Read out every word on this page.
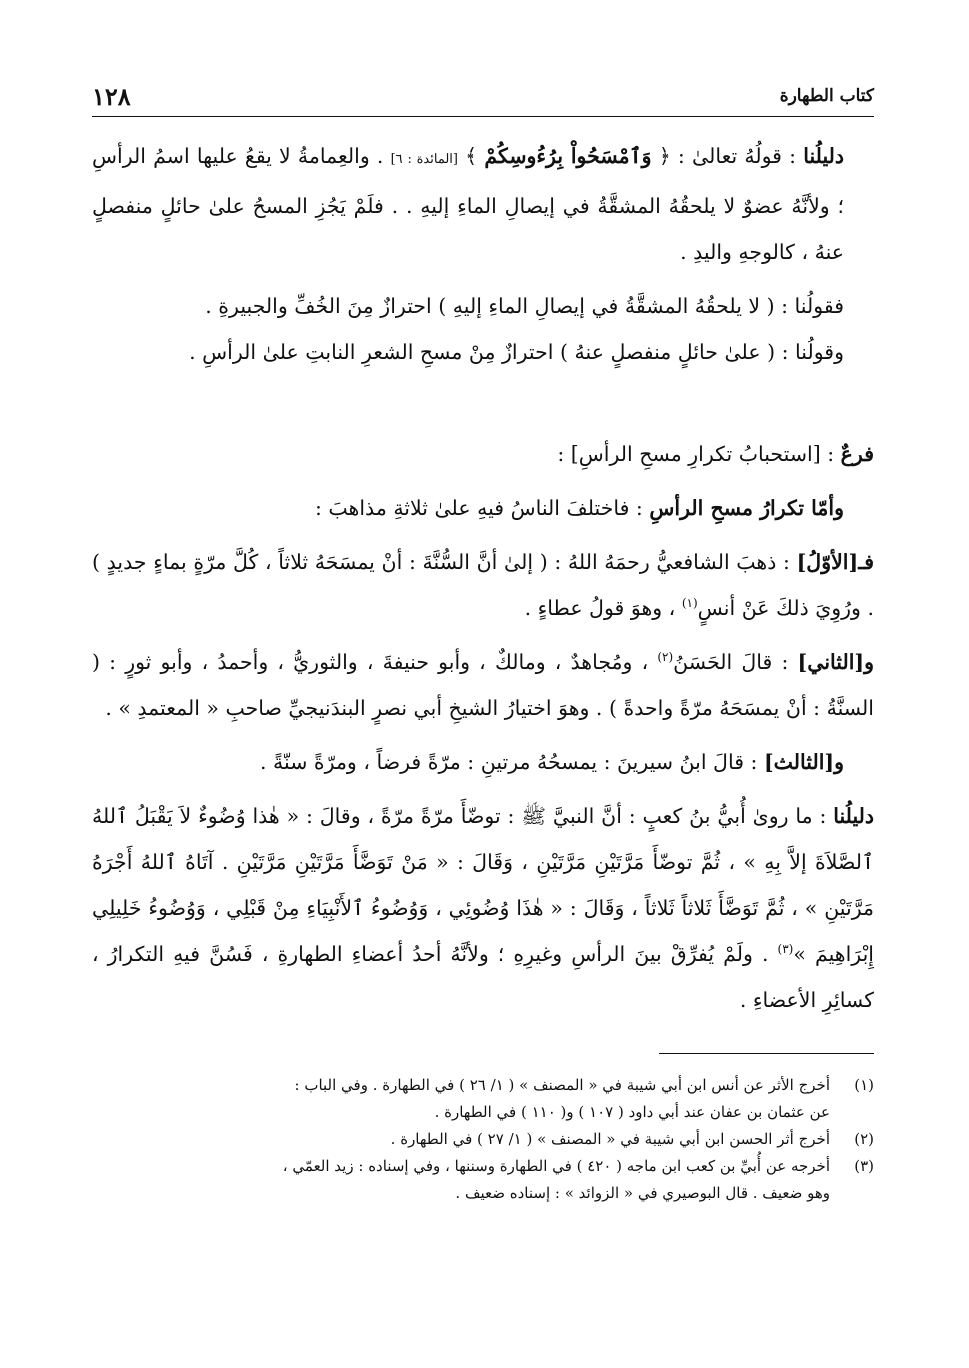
١٢٨	كتاب الطهارة

دليلُنا : قولُهُ تعالىٰ : ﴿ وَٱمْسَحُواْ بِرُءُوسِكُمْ ﴾ [المائدة : ٦] . والعِمامةُ لا يقعُ عليها اسمُ الرأسِ ؛ ولأنَّهُ عضوٌ لا يلحقُهُ المشقَّةُ في إيصالِ الماءِ إليهِ . . فلَمْ يَجُزِ المسحُ علىٰ حائلٍ منفصلٍ عنهُ ، كالوجهِ واليدِ .

فقولُنا : ( لا يلحقُهُ المشقَّةُ في إيصالِ الماءِ إليهِ ) احترازٌ مِنَ الخُفِّ والجبيرةِ .
وقولُنا : ( علىٰ حائلٍ منفصلٍ عنهُ ) احترازٌ مِنْ مسحِ الشعرِ النابتِ علىٰ الرأسِ .

فرعٌ : [استحبابُ تكرارِ مسحِ الرأسِ] :

وأمّا تكرارُ مسحِ الرأسِ : فاختلفَ الناسُ فيهِ علىٰ ثلاثةِ مذاهبَ :

فـ[الأوّلُ] : ذهبَ الشافعيُّ رحمَهُ اللهُ : ( إلىٰ أنَّ السُّنَّةَ : أنْ يمسَحَهُ ثلاثاً ، كُلَّ مرّةٍ بماءٍ جديدٍ ) . ورُوِيَ ذلكَ عَنْ أنسٍ$^{(١)}$ ، وهوَ قولُ عطاءٍ .

و[الثاني] : قالَ الحَسَنُ$^{(٢)}$ ، ومُجاهدٌ ، ومالكٌ ، وأبو حنيفةَ ، والثوريُّ ، وأحمدُ ، وأبو ثورٍ : ( السنَّةُ : أنْ يمسَحَهُ مرّةً واحدةً ) . وهوَ اختيارُ الشيخِ أبي نصرٍ البندَنيجيِّ صاحبِ « المعتمدِ » .

و[الثالث] : قالَ ابنُ سيرينَ : يمسحُهُ مرتينِ : مرّةً فرضاً ، ومرّةً سنّةً .

دليلُنا : ما روىٰ أُبيُّ بنُ كعبٍ : أنَّ النبيَّ ﷺ : توضّأَ مرّةً مرّةً ، وقالَ : « هٰذا وُضُوءٌ لاَ يَقْبَلُ ٱللهُ ٱلصَّلاَةَ إلاَّ بِهِ » ، ثُمَّ توضّأَ مَرَّتَيْنِ مَرَّتَيْنِ ، وَقَالَ : « مَنْ تَوَضَّأَ مَرَّتَيْنِ مَرَّتَيْنِ . آتَاهُ ٱللهُ أَجْرَهُ مَرَّتَيْنِ » ، ثُمَّ تَوَضَّأَ ثَلاثاً ثَلاثاً ، وَقَالَ : « هٰذَا وُضُوئِي ، وَوُضُوءُ ٱلأَنْبِيَاءِ مِنْ قَبْلِي ، وَوُضُوءُ خَلِيلِي إِبْرَاهِيمَ »$^{(٣)}$ . ولَمْ يُفرِّقْ بينَ الرأسِ وغيرِهِ ؛ ولأنَّهُ أحدُ أعضاءِ الطهارةِ ، فَسُنَّ فيهِ التكرارُ ، كسائِرِ الأعضاءِ .

(١)
أخرج الأثر عن أنس ابن أبي شيبة في « المصنف » ( ١/ ٢٦ ) في الطهارة . وفي الباب :
عن عثمان بن عفان عند أبي داود ( ١٠٧ ) و( ١١٠ ) في الطهارة .
(٢)
أخرج أثر الحسن ابن أبي شيبة في « المصنف » ( ١/ ٢٧ ) في الطهارة .
(٣)
أخرجه عن أُبيِّ بن كعب ابن ماجه ( ٤٢٠ ) في الطهارة وسننها ، وفي إسناده : زيد العمّي ،
وهو ضعيف . قال البوصيري في « الزوائد » : إسناده ضعيف .
